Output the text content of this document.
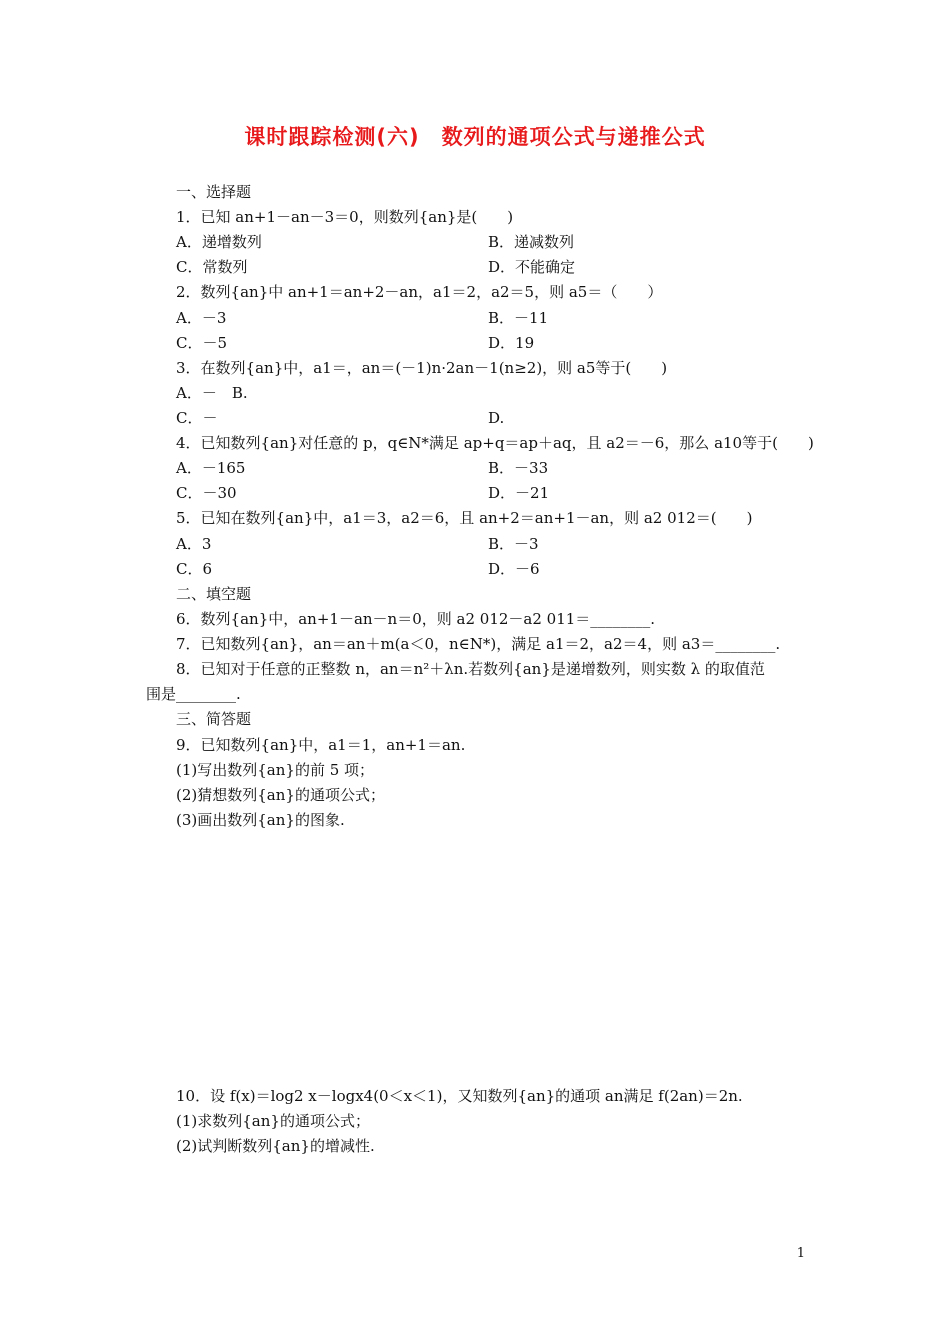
课时跟踪检测(六)　数列的通项公式与递推公式
一、选择题
1．已知 an+1－an－3＝0，则数列{an}是(　　)
A．递增数列	B．递减数列
C．常数列	D．不能确定
2．数列{an}中 an+1＝an+2－an，a1＝2，a2＝5，则 a5＝（　　）
A．－3	B．－11
C．－5	D．19
3．在数列{an}中，a1＝，an＝(－1)n·2an－1(n≥2)，则 a5等于(　　)
A．－　B.
C．－	D.
4．已知数列{an}对任意的 p，q∈N*满足 ap+q＝ap＋aq，且 a2＝－6，那么 a10等于(　　)
A．－165	B．－33
C．－30	D．－21
5．已知在数列{an}中，a1＝3，a2＝6，且 an+2＝an+1－an，则 a2 012＝(　　)
A．3	B．－3
C．6	D．－6
二、填空题
6．数列{an}中，an+1－an－n＝0，则 a2 012－a2 011＝________.
7．已知数列{an}，an＝an＋m(a＜0，n∈N*)，满足 a1＝2，a2＝4，则 a3＝________.
8．已知对于任意的正整数 n，an＝n²＋λn.若数列{an}是递增数列，则实数 λ 的取值范
围是________.
三、简答题
9．已知数列{an}中，a1＝1，an+1＝an.
(1)写出数列{an}的前 5 项；
(2)猜想数列{an}的通项公式；
(3)画出数列{an}的图象.
10．设 f(x)＝log2 x－logx4(0＜x＜1)，又知数列{an}的通项 an满足 f(2an)＝2n.
(1)求数列{an}的通项公式；
(2)试判断数列{an}的增减性.
1
